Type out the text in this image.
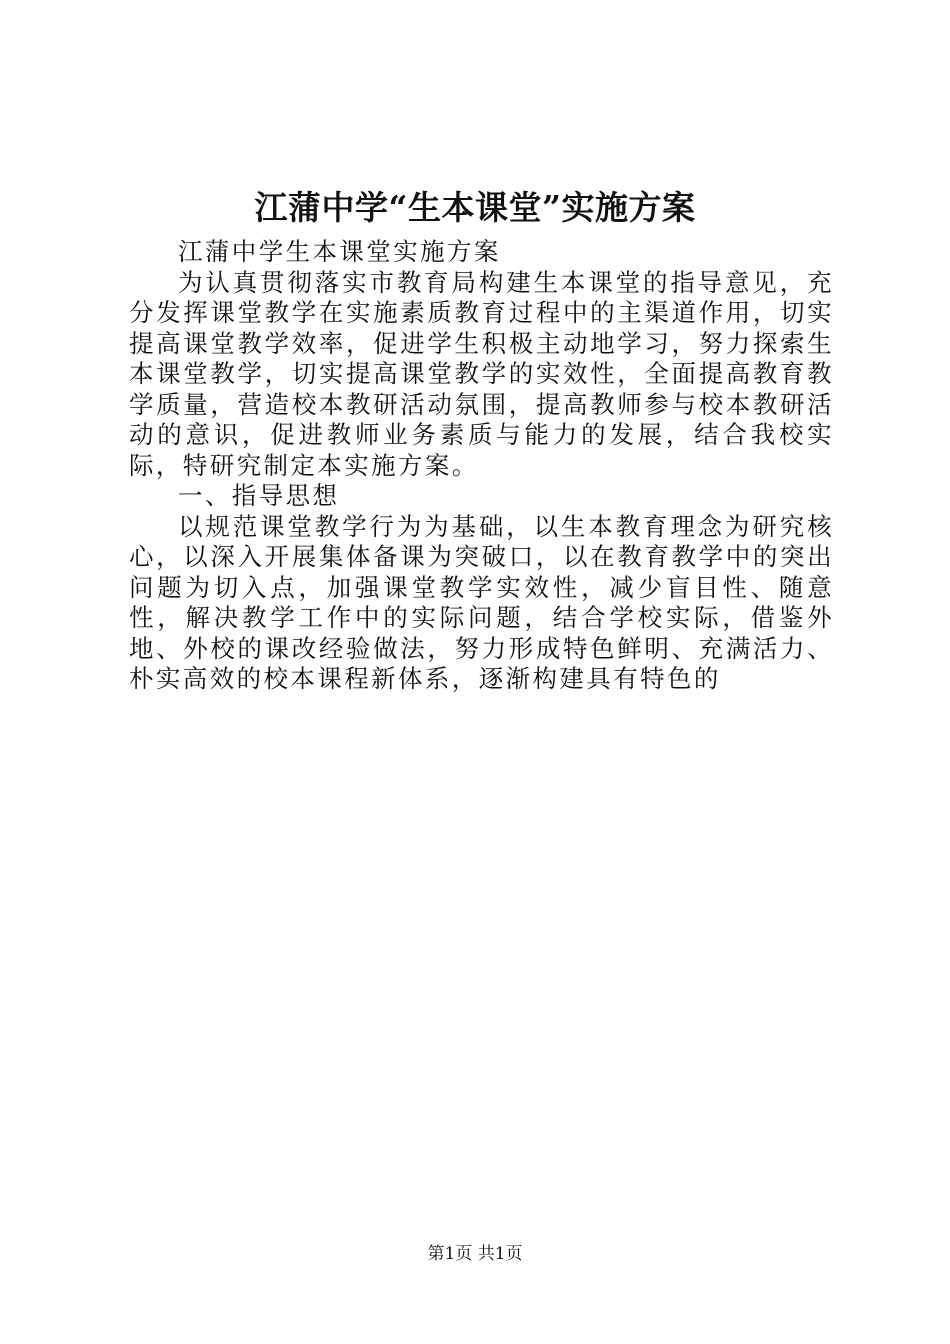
江蒲中学“生本课堂”实施方案

江蒲中学生本课堂实施方案

为认真贯彻落实市教育局构建生本课堂的指导意见，充分发挥课堂教学在实施素质教育过程中的主渠道作用，切实提高课堂教学效率，促进学生积极主动地学习，努力探索生本课堂教学，切实提高课堂教学的实效性，全面提高教育教学质量，营造校本教研活动氛围，提高教师参与校本教研活动的意识，促进教师业务素质与能力的发展，结合我校实际，特研究制定本实施方案。

一、指导思想

以规范课堂教学行为为基础，以生本教育理念为研究核心，以深入开展集体备课为突破口，以在教育教学中的突出问题为切入点，加强课堂教学实效性，减少盲目性、随意性，解决教学工作中的实际问题，结合学校实际，借鉴外地、外校的课改经验做法，努力形成特色鲜明、充满活力、朴实高效的校本课程新体系，逐渐构建具有特色的

第1页 共1页
